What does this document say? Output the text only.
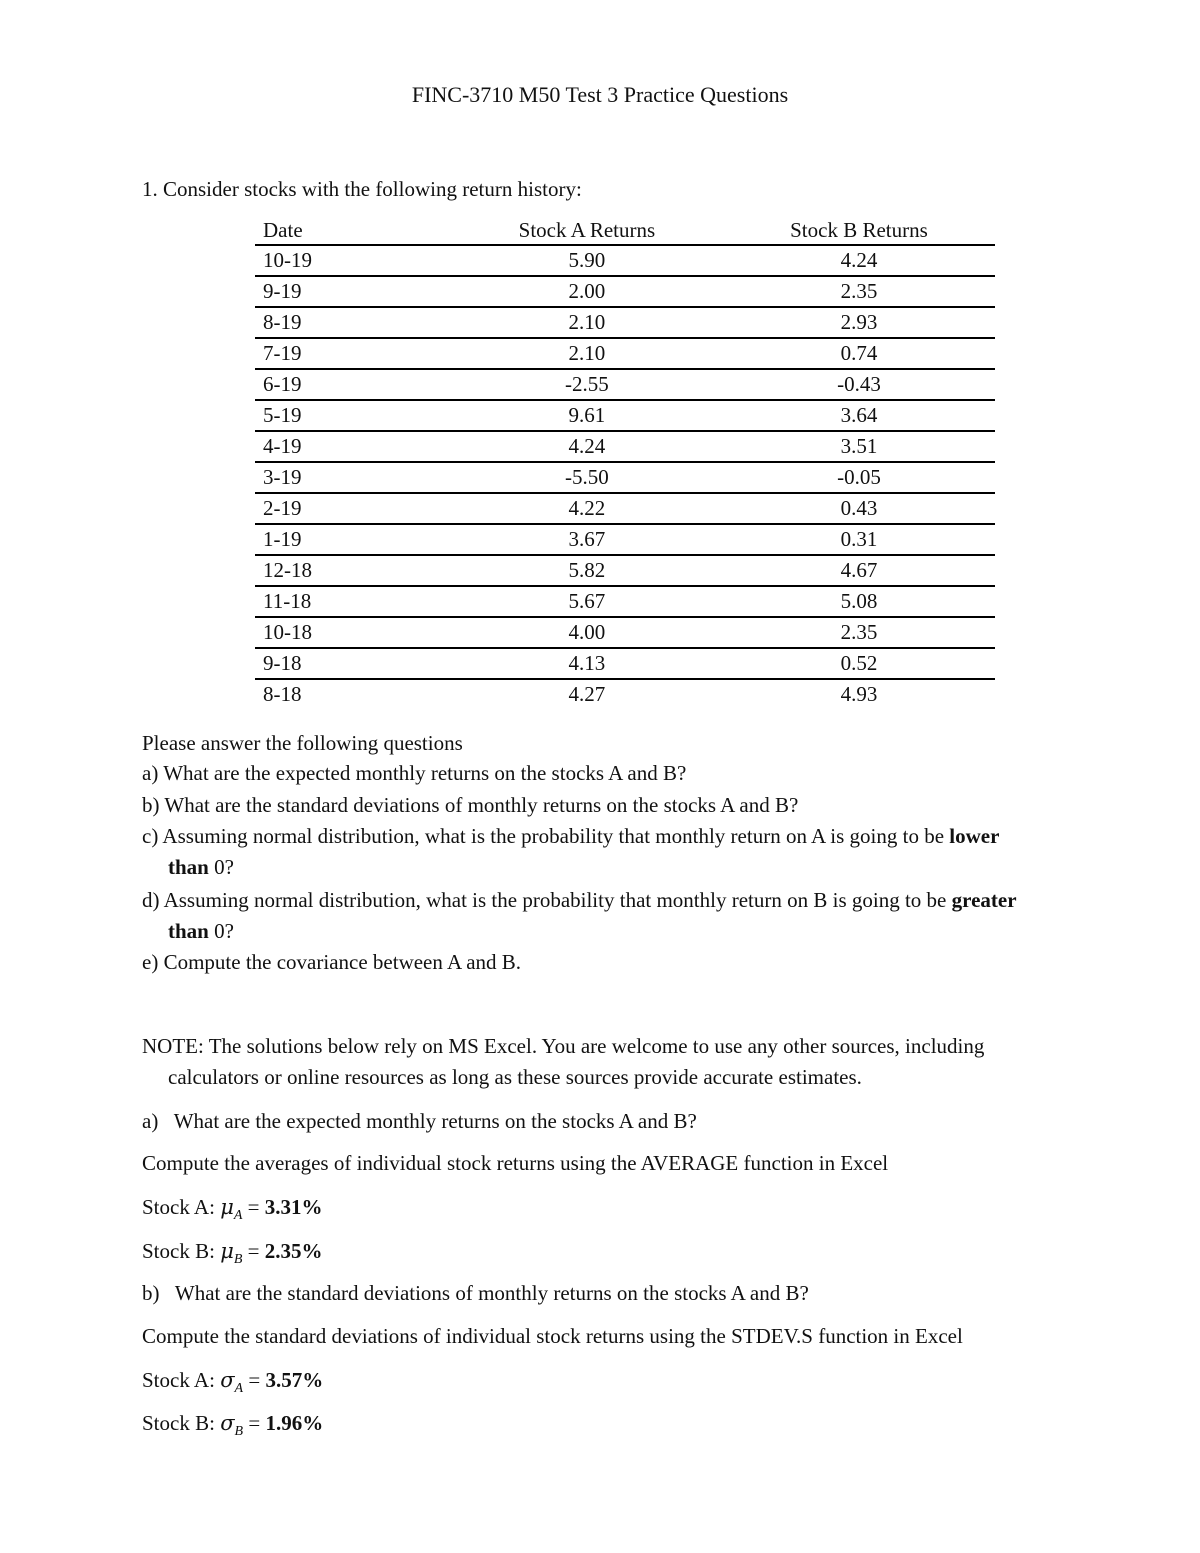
FINC-3710 M50 Test 3 Practice Questions
1. Consider stocks with the following return history:
Date	Stock A Returns	Stock B Returns
10-19	5.90	4.24
9-19	2.00	2.35
8-19	2.10	2.93
7-19	2.10	0.74
6-19	-2.55	-0.43
5-19	9.61	3.64
4-19	4.24	3.51
3-19	-5.50	-0.05
2-19	4.22	0.43
1-19	3.67	0.31
12-18	5.82	4.67
11-18	5.67	5.08
10-18	4.00	2.35
9-18	4.13	0.52
8-18	4.27	4.93
Please answer the following questions
a) What are the expected monthly returns on the stocks A and B?
b) What are the standard deviations of monthly returns on the stocks A and B?
c) Assuming normal distribution, what is the probability that monthly return on A is going to be lower
than 0?
d) Assuming normal distribution, what is the probability that monthly return on B is going to be greater
than 0?
e) Compute the covariance between A and B.
NOTE: The solutions below rely on MS Excel. You are welcome to use any other sources, including
calculators or online resources as long as these sources provide accurate estimates.
a) What are the expected monthly returns on the stocks A and B?
Compute the averages of individual stock returns using the AVERAGE function in Excel
Stock A: $\mu_A = 3.31\%$
Stock B: $\mu_B = 2.35\%$
b) What are the standard deviations of monthly returns on the stocks A and B?
Compute the standard deviations of individual stock returns using the STDEV.S function in Excel
Stock A: $\sigma_A = 3.57\%$
Stock B: $\sigma_B = 1.96\%$
